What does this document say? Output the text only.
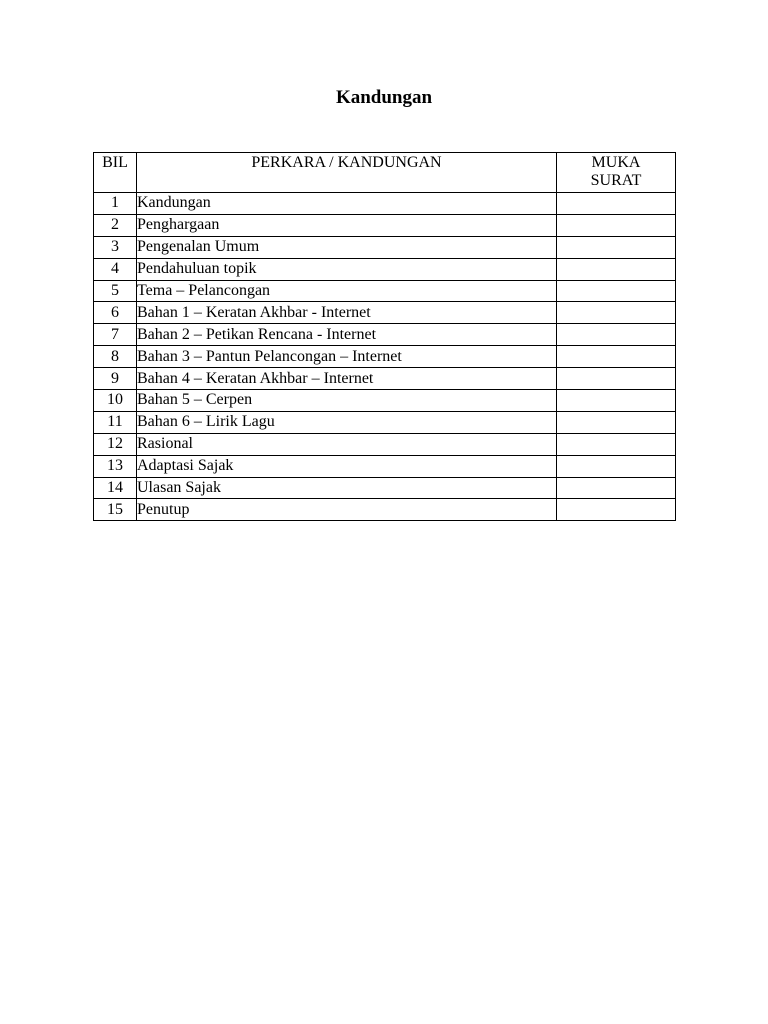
Kandungan
BIL	PERKARA / KANDUNGAN	MUKA
SURAT

1	Kandungan	
2	Penghargaan	
3	Pengenalan Umum	
4	Pendahuluan topik	
5	Tema – Pelancongan	
6	Bahan 1 – Keratan Akhbar - Internet	
7	Bahan 2 – Petikan Rencana - Internet	
8	Bahan 3 – Pantun Pelancongan – Internet	
9	Bahan 4 – Keratan Akhbar – Internet	
10	Bahan 5 – Cerpen	
11	Bahan 6 – Lirik Lagu	
12	Rasional	
13	Adaptasi Sajak	
14	Ulasan Sajak	
15	Penutup	
